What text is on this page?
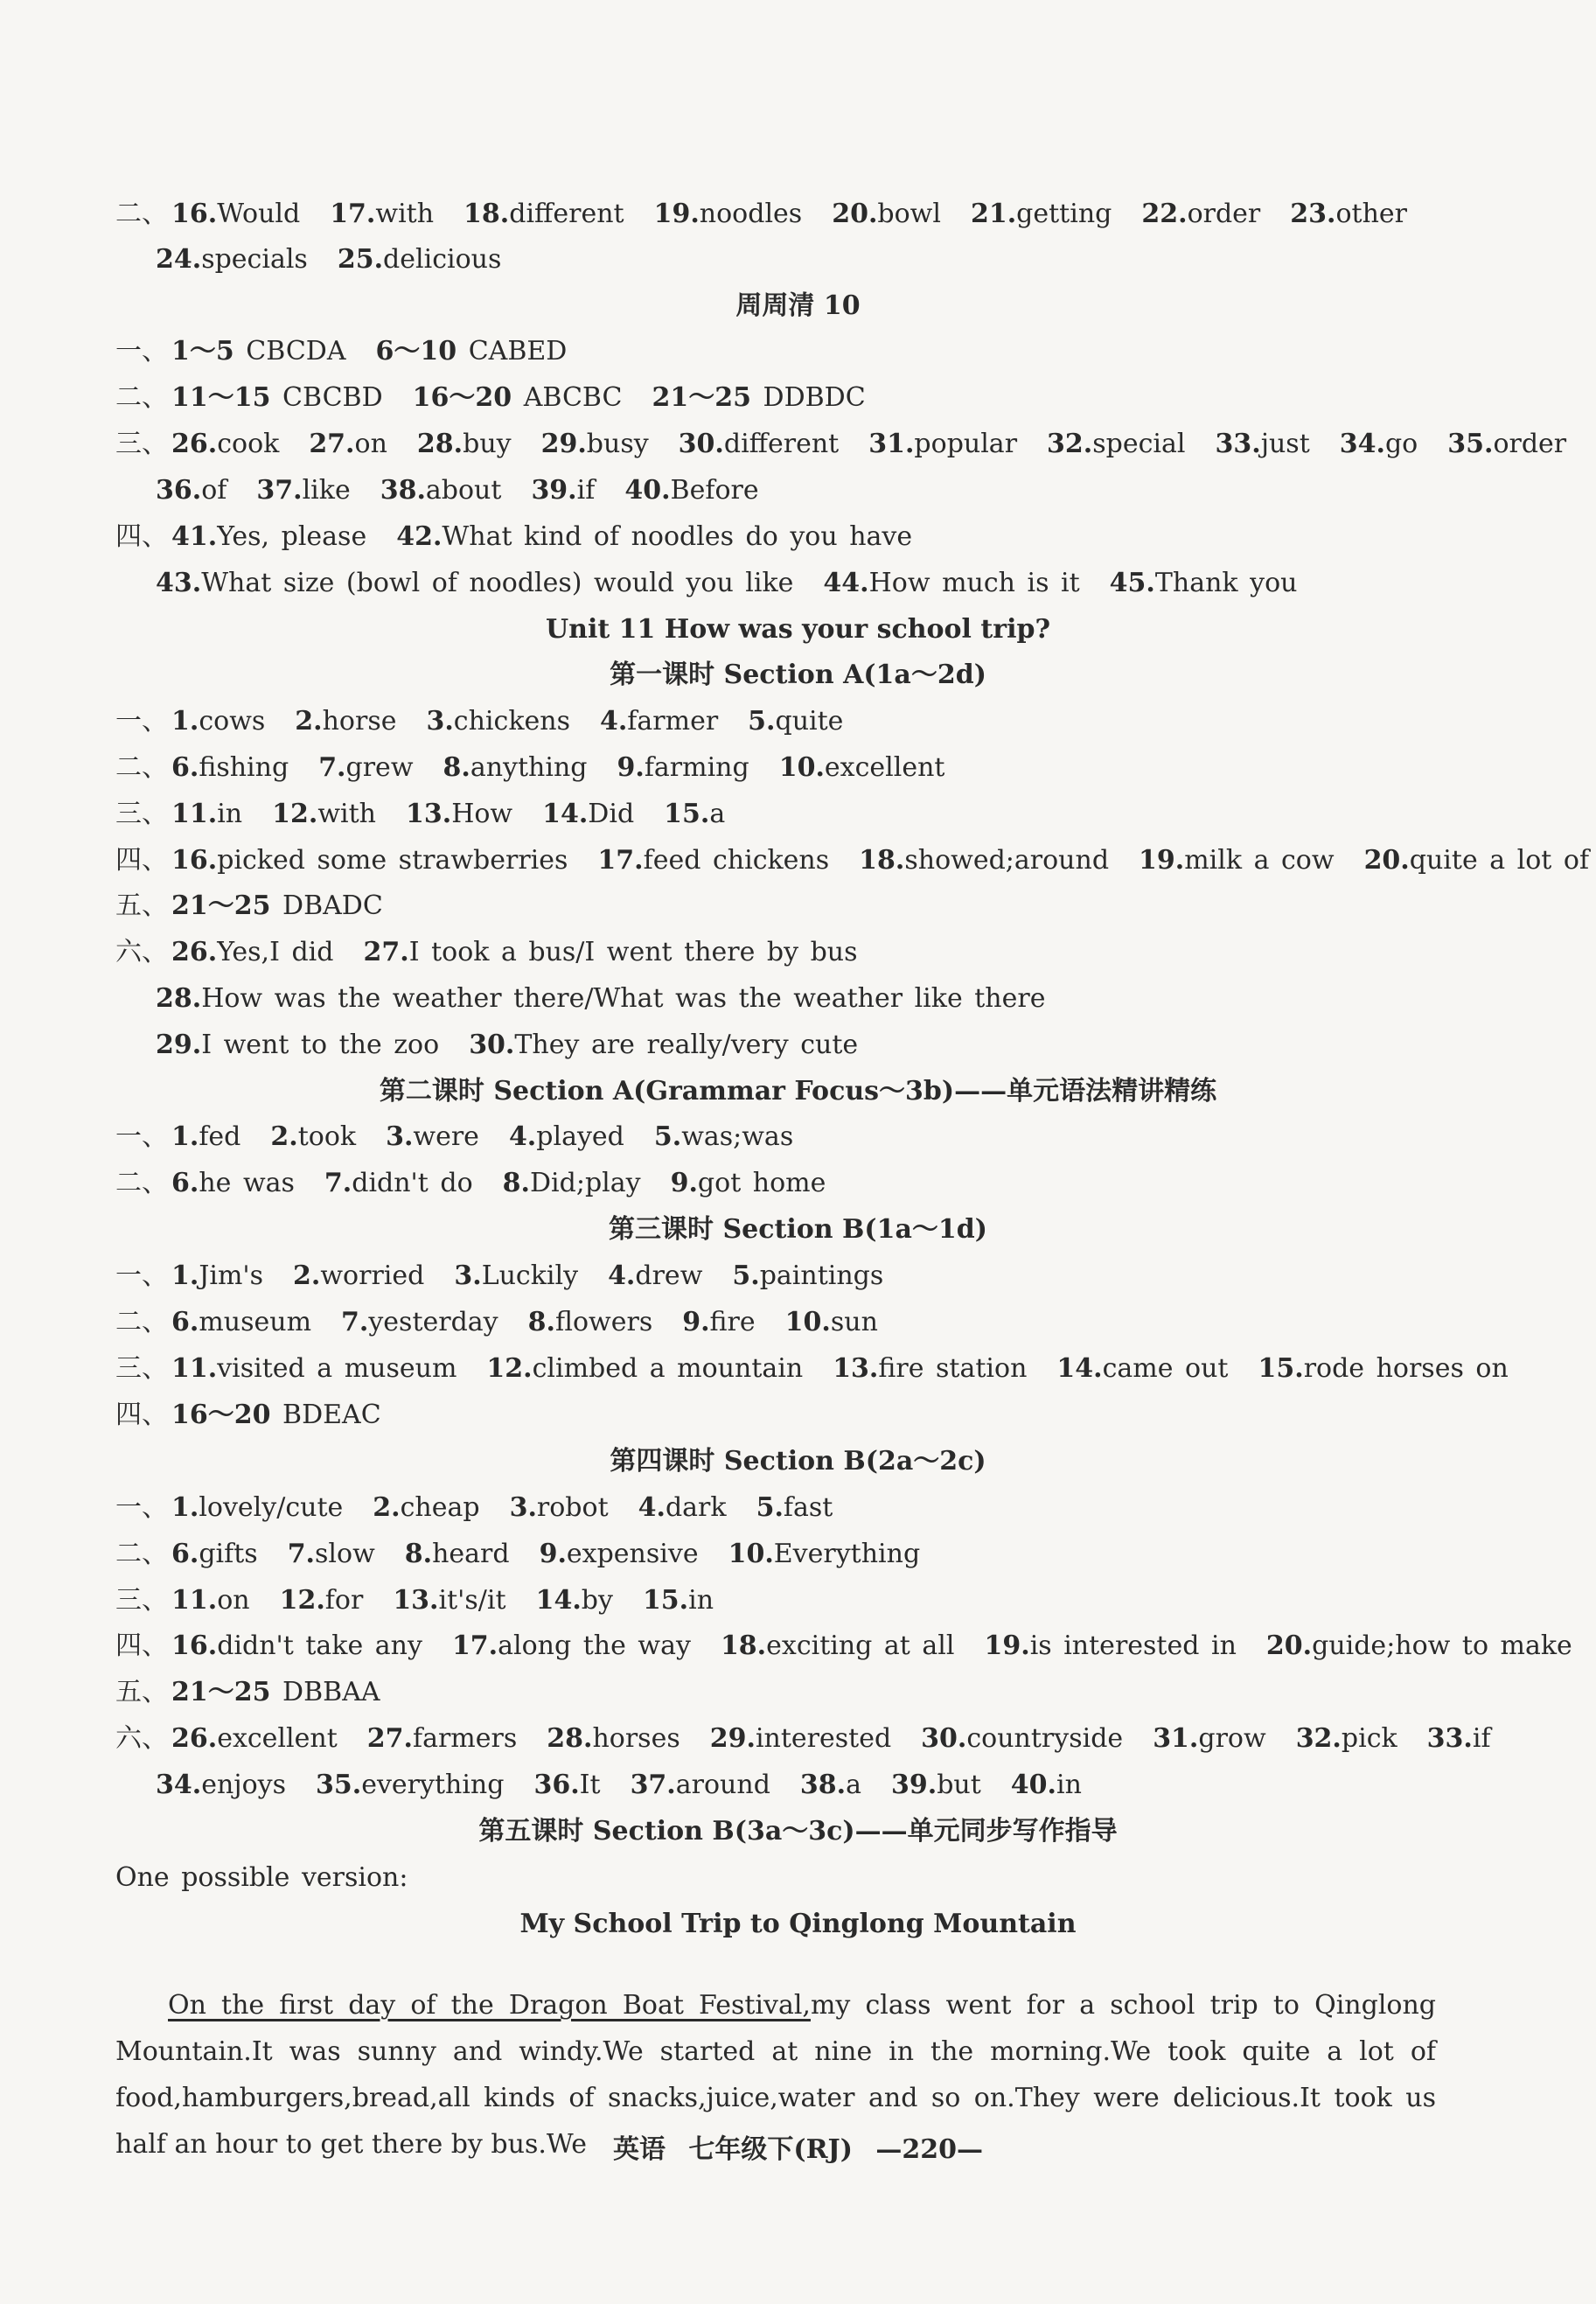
二、 16.Would 17.with 18.different 19.noodles 20.bowl 21.getting 22.order 23.other
24.specials 25.delicious
周周清 10
一、 1～5 CBCDA 6～10 CABED
二、 11～15 CBCBD 16～20 ABCBC 21～25 DDBDC
三、 26.cook 27.on 28.buy 29.busy 30.different 31.popular 32.special 33.just 34.go 35.order
36.of 37.like 38.about 39.if 40.Before
四、 41.Yes, please 42.What kind of noodles do you have
43.What size (bowl of noodles) would you like 44.How much is it 45.Thank you
Unit 11 How was your school trip?
第一课时 Section A(1a～2d)
一、 1.cows 2.horse 3.chickens 4.farmer 5.quite
二、 6.fishing 7.grew 8.anything 9.farming 10.excellent
三、 11.in 12.with 13.How 14.Did 15.a
四、 16.picked some strawberries 17.feed chickens 18.showed;around 19.milk a cow 20.quite a lot of
五、 21～25 DBADC
六、 26.Yes,I did 27.I took a bus/I went there by bus
28.How was the weather there/What was the weather like there
29.I went to the zoo 30.They are really/very cute
第二课时 Section A(Grammar Focus～3b)——单元语法精讲精练
一、 1.fed 2.took 3.were 4.played 5.was;was
二、 6.he was 7.didn't do 8.Did;play 9.got home
第三课时 Section B(1a～1d)
一、 1.Jim's 2.worried 3.Luckily 4.drew 5.paintings
二、 6.museum 7.yesterday 8.flowers 9.fire 10.sun
三、 11.visited a museum 12.climbed a mountain 13.fire station 14.came out 15.rode horses on
四、 16～20 BDEAC
第四课时 Section B(2a～2c)
一、 1.lovely/cute 2.cheap 3.robot 4.dark 5.fast
二、 6.gifts 7.slow 8.heard 9.expensive 10.Everything
三、 11.on 12.for 13.it's/it 14.by 15.in
四、 16.didn't take any 17.along the way 18.exciting at all 19.is interested in 20.guide;how to make
五、 21～25 DBBAA
六、 26.excellent 27.farmers 28.horses 29.interested 30.countryside 31.grow 32.pick 33.if
34.enjoys 35.everything 36.It 37.around 38.a 39.but 40.in
第五课时 Section B(3a～3c)——单元同步写作指导
One possible version:
My School Trip to Qinglong Mountain
On the first day of the Dragon Boat Festival,my class went for a school trip to Qinglong Mountain.It was sunny and windy.We started at nine in the morning.We took quite a lot of food,hamburgers,bread,all kinds of snacks,juice,water and so on.They were delicious.It took us half an hour to get there by bus.We 英语 七年级下(RJ) —220—
